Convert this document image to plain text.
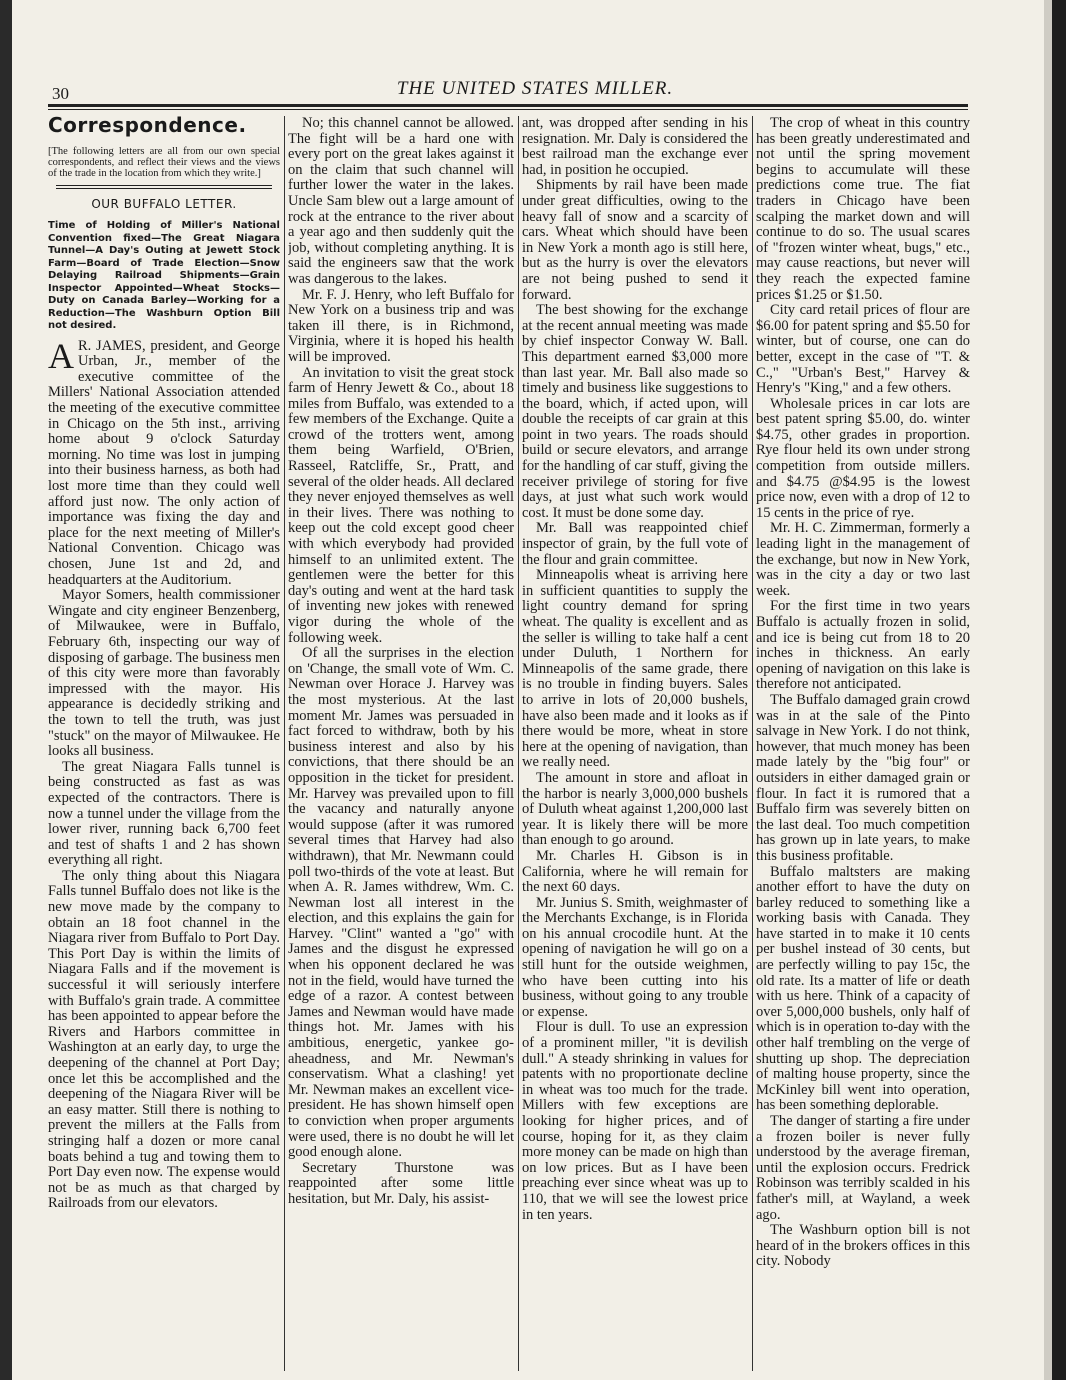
30	THE UNITED STATES MILLER.
Correspondence.
[The following letters are all from our own special correspondents, and reflect their views and the views of the trade in the location from which they write.]
OUR BUFFALO LETTER.
Time of Holding of Miller's National Convention fixed—The Great Niagara Tunnel—A Day's Outing at Jewett Stock Farm—Board of Trade Election—Snow Delaying Railroad Shipments—Grain Inspector Appointed—Wheat Stocks—Duty on Canada Barley—Working for a Reduction—The Washburn Option Bill not desired.

A R. JAMES, president, and George Urban, Jr., member of the executive committee of the Millers' National Association attended the meeting of the executive committee in Chicago on the 5th inst., arriving home about 9 o'clock Saturday morning. No time was lost in jumping into their business harness, as both had lost more time than they could well afford just now. The only action of importance was fixing the day and place for the next meeting of Miller's National Convention. Chicago was chosen, June 1st and 2d, and headquarters at the Auditorium.

Mayor Somers, health commissioner Wingate and city engineer Benzenberg, of Milwaukee, were in Buffalo, February 6th, inspecting our way of disposing of garbage. The business men of this city were more than favorably impressed with the mayor. His appearance is decidedly striking and the town to tell the truth, was just "stuck" on the mayor of Milwaukee. He looks all business.

The great Niagara Falls tunnel is being constructed as fast as was expected of the contractors. There is now a tunnel under the village from the lower river, running back 6,700 feet and test of shafts 1 and 2 has shown everything all right.

The only thing about this Niagara Falls tunnel Buffalo does not like is the new move made by the company to obtain an 18 foot channel in the Niagara river from Buffalo to Port Day. This Port Day is within the limits of Niagara Falls and if the movement is successful it will seriously interfere with Buffalo's grain trade. A committee has been appointed to appear before the Rivers and Harbors committee in Washington at an early day, to urge the deepening of the channel at Port Day; once let this be accomplished and the deepening of the Niagara River will be an easy matter. Still there is nothing to prevent the millers at the Falls from stringing half a dozen or more canal boats behind a tug and towing them to Port Day even now. The expense would not be as much as that charged by Railroads from our elevators.

No; this channel cannot be allowed. The fight will be a hard one with every port on the great lakes against it on the claim that such channel will further lower the water in the lakes. Uncle Sam blew out a large amount of rock at the entrance to the river about a year ago and then suddenly quit the job, without completing anything. It is said the engineers saw that the work was dangerous to the lakes.

Mr. F. J. Henry, who left Buffalo for New York on a business trip and was taken ill there, is in Richmond, Virginia, where it is hoped his health will be improved.

An invitation to visit the great stock farm of Henry Jewett & Co., about 18 miles from Buffalo, was extended to a few members of the Exchange. Quite a crowd of the trotters went, among them being Warfield, O'Brien, Rasseel, Ratcliffe, Sr., Pratt, and several of the older heads. All declared they never enjoyed themselves as well in their lives. There was nothing to keep out the cold except good cheer with which everybody had provided himself to an unlimited extent. The gentlemen were the better for this day's outing and went at the hard task of inventing new jokes with renewed vigor during the whole of the following week.

Of all the surprises in the election on 'Change, the small vote of Wm. C. Newman over Horace J. Harvey was the most mysterious. At the last moment Mr. James was persuaded in fact forced to withdraw, both by his business interest and also by his convictions, that there should be an opposition in the ticket for president. Mr. Harvey was prevailed upon to fill the vacancy and naturally anyone would suppose (after it was rumored several times that Harvey had also withdrawn), that Mr. Newmann could poll two-thirds of the vote at least. But when A. R. James withdrew, Wm. C. Newman lost all interest in the election, and this explains the gain for Harvey. "Clint" wanted a "go" with James and the disgust he expressed when his opponent declared he was not in the field, would have turned the edge of a razor. A contest between James and Newman would have made things hot. Mr. James with his ambitious, energetic, yankee go-aheadness, and Mr. Newman's conservatism. What a clashing! yet Mr. Newman makes an excellent vice-president. He has shown himself open to conviction when proper arguments were used, there is no doubt he will let good enough alone.

Secretary Thurstone was reappointed after some little hesitation, but Mr. Daly, his assist-

ant, was dropped after sending in his resignation. Mr. Daly is considered the best railroad man the exchange ever had, in position he occupied.

Shipments by rail have been made under great difficulties, owing to the heavy fall of snow and a scarcity of cars. Wheat which should have been in New York a month ago is still here, but as the hurry is over the elevators are not being pushed to send it forward.

The best showing for the exchange at the recent annual meeting was made by chief inspector Conway W. Ball. This department earned $3,000 more than last year. Mr. Ball also made so timely and business like suggestions to the board, which, if acted upon, will double the receipts of car grain at this point in two years. The roads should build or secure elevators, and arrange for the handling of car stuff, giving the receiver privilege of storing for five days, at just what such work would cost. It must be done some day.

Mr. Ball was reappointed chief inspector of grain, by the full vote of the flour and grain committee.

Minneapolis wheat is arriving here in sufficient quantities to supply the light country demand for spring wheat. The quality is excellent and as the seller is willing to take half a cent under Duluth, 1 Northern for Minneapolis of the same grade, there is no trouble in finding buyers. Sales to arrive in lots of 20,000 bushels, have also been made and it looks as if there would be more, wheat in store here at the opening of navigation, than we really need.

The amount in store and afloat in the harbor is nearly 3,000,000 bushels of Duluth wheat against 1,200,000 last year. It is likely there will be more than enough to go around.

Mr. Charles H. Gibson is in California, where he will remain for the next 60 days.

Mr. Junius S. Smith, weighmaster of the Merchants Exchange, is in Florida on his annual crocodile hunt. At the opening of navigation he will go on a still hunt for the outside weighmen, who have been cutting into his business, without going to any trouble or expense.

Flour is dull. To use an expression of a prominent miller, "it is devilish dull." A steady shrinking in values for patents with no proportionate decline in wheat was too much for the trade. Millers with few exceptions are looking for higher prices, and of course, hoping for it, as they claim more money can be made on high than on low prices. But as I have been preaching ever since wheat was up to 110, that we will see the lowest price in ten years.

The crop of wheat in this country has been greatly underestimated and not until the spring movement begins to accumulate will these predictions come true. The fiat traders in Chicago have been scalping the market down and will continue to do so. The usual scares of "frozen winter wheat, bugs," etc., may cause reactions, but never will they reach the expected famine prices $1.25 or $1.50.

City card retail prices of flour are $6.00 for patent spring and $5.50 for winter, but of course, one can do better, except in the case of "T. & C.," "Urban's Best," Harvey & Henry's "King," and a few others.

Wholesale prices in car lots are best patent spring $5.00, do. winter $4.75, other grades in proportion. Rye flour held its own under strong competition from outside millers. and $4.75 @$4.95 is the lowest price now, even with a drop of 12 to 15 cents in the price of rye.

Mr. H. C. Zimmerman, formerly a leading light in the management of the exchange, but now in New York, was in the city a day or two last week.

For the first time in two years Buffalo is actually frozen in solid, and ice is being cut from 18 to 20 inches in thickness. An early opening of navigation on this lake is therefore not anticipated.

The Buffalo damaged grain crowd was in at the sale of the Pinto salvage in New York. I do not think, however, that much money has been made lately by the "big four" or outsiders in either damaged grain or flour. In fact it is rumored that a Buffalo firm was severely bitten on the last deal. Too much competition has grown up in late years, to make this business profitable.

Buffalo maltsters are making another effort to have the duty on barley reduced to something like a working basis with Canada. They have started in to make it 10 cents per bushel instead of 30 cents, but are perfectly willing to pay 15c, the old rate. Its a matter of life or death with us here. Think of a capacity of over 5,000,000 bushels, only half of which is in operation to-day with the other half trembling on the verge of shutting up shop. The depreciation of malting house property, since the McKinley bill went into operation, has been something deplorable.

The danger of starting a fire under a frozen boiler is never fully understood by the average fireman, until the explosion occurs. Fredrick Robinson was terribly scalded in his father's mill, at Wayland, a week ago.

The Washburn option bill is not heard of in the brokers offices in this city. Nobody
